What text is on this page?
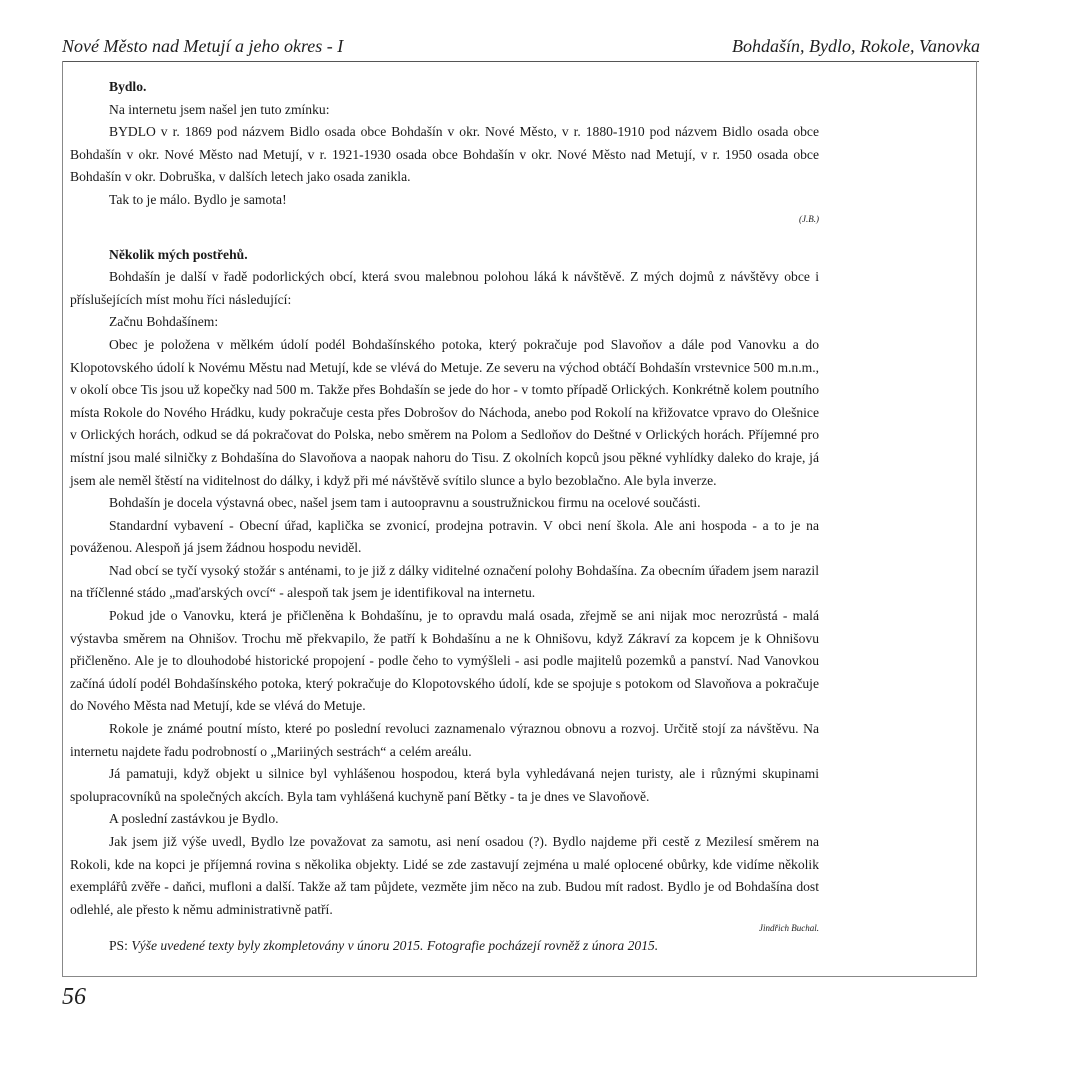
Nové Město nad Metují a jeho okres - I	Bohdašín, Bydlo, Rokole, Vanovka

Bydlo.

Na internetu jsem našel jen tuto zmínku:

BYDLO v r. 1869 pod názvem Bidlo osada obce Bohdašín v okr. Nové Město, v r. 1880-1910 pod názvem Bidlo osada obce Bohdašín v okr. Nové Město nad Metují, v r. 1921-1930 osada obce Bohdašín v okr. Nové Město nad Metují, v r. 1950 osada obce Bohdašín v okr. Dobruška, v dalších letech jako osada zanikla.

Tak to je málo. Bydlo je samota!

(J.B.)

Několik mých postřehů.

Bohdašín je další v řadě podorlických obcí, která svou malebnou polohou láká k návštěvě. Z mých dojmů z návštěvy obce i příslušejících míst mohu říci následující:

Začnu Bohdašínem:

Obec je položena v mělkém údolí podél Bohdašínského potoka, který pokračuje pod Slavoňov a dále pod Vanovku a do Klopotovského údolí k Novému Městu nad Metují, kde se vlévá do Metuje. Ze severu na východ obtáčí Bohdašín vrstevnice 500 m.n.m., v okolí obce Tis jsou už kopečky nad 500 m. Takže přes Bohdašín se jede do hor - v tomto případě Orlických. Konkrétně kolem poutního místa Rokole do Nového Hrádku, kudy pokračuje cesta přes Dobrošov do Náchoda, anebo pod Rokolí na křižovatce vpravo do Olešnice v Orlických horách, odkud se dá pokračovat do Polska, nebo směrem na Polom a Sedloňov do Deštné v Orlických horách. Příjemné pro místní jsou malé silničky z Bohdašína do Slavoňova a naopak nahoru do Tisu. Z okolních kopců jsou pěkné vyhlídky daleko do kraje, já jsem ale neměl štěstí na viditelnost do dálky, i když při mé návštěvě svítilo slunce a bylo bezoblačno. Ale byla inverze.

Bohdašín je docela výstavná obec, našel jsem tam i autoopravnu a soustružnickou firmu na ocelové součásti.

Standardní vybavení - Obecní úřad, kaplička se zvonicí, prodejna potravin. V obci není škola. Ale ani hospoda - a to je na pováženou. Alespoň já jsem žádnou hospodu neviděl.

Nad obcí se tyčí vysoký stožár s anténami, to je již z dálky viditelné označení polohy Bohdašína. Za obecním úřadem jsem narazil na tříčlenné stádo „maďarských ovcí“ - alespoň tak jsem je identifikoval na internetu.

Pokud jde o Vanovku, která je přičleněna k Bohdašínu, je to opravdu malá osada, zřejmě se ani nijak moc nerozrůstá - malá výstavba směrem na Ohnišov. Trochu mě překvapilo, že patří k Bohdašínu a ne k Ohnišovu, když Zákraví za kopcem je k Ohnišovu přičleněno. Ale je to dlouhodobé historické propojení - podle čeho to vymýšleli - asi podle majitelů pozemků a panství. Nad Vanovkou začíná údolí podél Bohdašínského potoka, který pokračuje do Klopotovského údolí, kde se spojuje s potokom od Slavoňova a pokračuje do Nového Města nad Metují, kde se vlévá do Metuje.

Rokole je známé poutní místo, které po poslední revoluci zaznamenalo výraznou obnovu a rozvoj. Určitě stojí za návštěvu. Na internetu najdete řadu podrobností o „Mariiných sestrách“ a celém areálu.

Já pamatuji, když objekt u silnice byl vyhlášenou hospodou, která byla vyhledávaná nejen turisty, ale i různými skupinami spolupracovníků na společných akcích. Byla tam vyhlášená kuchyně paní Bětky - ta je dnes ve Slavoňově.

A poslední zastávkou je Bydlo.

Jak jsem již výše uvedl, Bydlo lze považovat za samotu, asi není osadou (?). Bydlo najdeme při cestě z Mezilesí směrem na Rokoli, kde na kopci je příjemná rovina s několika objekty. Lidé se zde zastavují zejména u malé oplocené obůrky, kde vidíme několik exemplářů zvěře - daňci, mufloni a další. Takže až tam půjdete, vezměte jim něco na zub. Budou mít radost. Bydlo je od Bohdašína dost odlehlé, ale přesto k němu administrativně patří.

Jindřich Buchal.

PS: Výše uvedené texty byly zkompletovány v únoru 2015. Fotografie pocházejí rovněž z února 2015.

56
